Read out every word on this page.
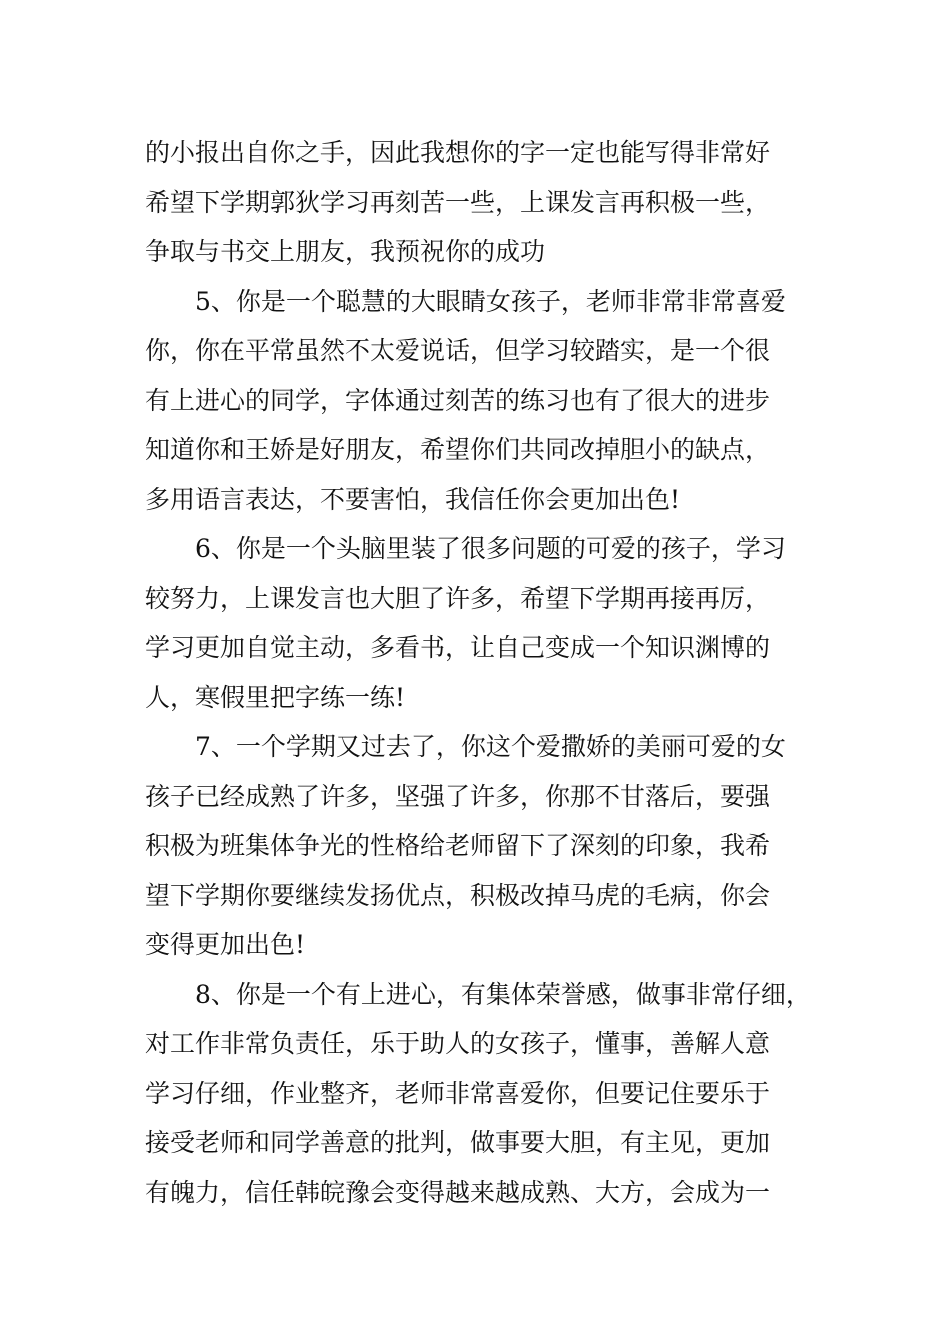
的小报出自你之手，因此我想你的字一定也能写得非常好
希望下学期郭狄学习再刻苦一些，上课发言再积极一些，
争取与书交上朋友，我预祝你的成功
5、你是一个聪慧的大眼睛女孩子，老师非常非常喜爱
你，你在平常虽然不太爱说话，但学习较踏实，是一个很
有上进心的同学，字体通过刻苦的练习也有了很大的进步
知道你和王娇是好朋友，希望你们共同改掉胆小的缺点，
多用语言表达，不要害怕，我信任你会更加出色!
6、你是一个头脑里装了很多问题的可爱的孩子，学习
较努力，上课发言也大胆了许多，希望下学期再接再厉，
学习更加自觉主动，多看书，让自己变成一个知识渊博的
人，寒假里把字练一练!
7、一个学期又过去了，你这个爱撒娇的美丽可爱的女
孩子已经成熟了许多，坚强了许多，你那不甘落后，要强
积极为班集体争光的性格给老师留下了深刻的印象，我希
望下学期你要继续发扬优点，积极改掉马虎的毛病，你会
变得更加出色!
8、你是一个有上进心，有集体荣誉感，做事非常仔细，
对工作非常负责任，乐于助人的女孩子，懂事，善解人意
学习仔细，作业整齐，老师非常喜爱你，但要记住要乐于
接受老师和同学善意的批判，做事要大胆，有主见，更加
有魄力，信任韩皖豫会变得越来越成熟、大方，会成为一
